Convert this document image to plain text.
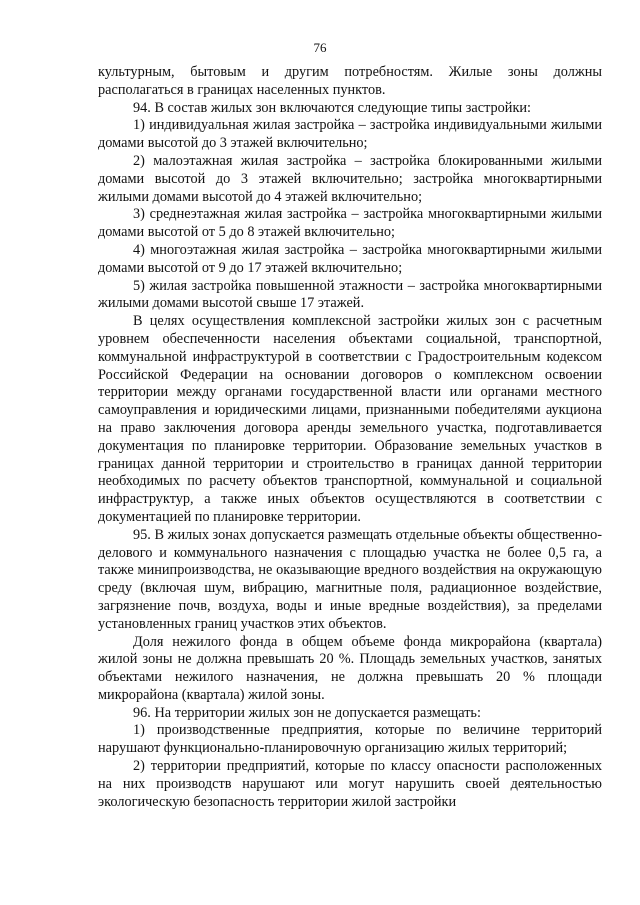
76

культурным, бытовым и другим потребностям. Жилые зоны должны располагаться в границах населенных пунктов.

94. В состав жилых зон включаются следующие типы застройки:

1) индивидуальная жилая застройка – застройка индивидуальными жилыми домами высотой до 3 этажей включительно;

2) малоэтажная жилая застройка – застройка блокированными жилыми домами высотой до 3 этажей включительно; застройка многоквартирными жилыми домами высотой до 4 этажей включительно;

3) среднеэтажная жилая застройка – застройка многоквартирными жилыми домами высотой от 5 до 8 этажей включительно;

4) многоэтажная жилая застройка – застройка многоквартирными жилыми домами высотой от 9 до 17 этажей включительно;

5) жилая застройка повышенной этажности – застройка многоквартирными жилыми домами высотой свыше 17 этажей.

В целях осуществления комплексной застройки жилых зон с расчетным уровнем обеспеченности населения объектами социальной, транспортной, коммунальной инфраструктурой в соответствии с Градостроительным кодексом Российской Федерации на основании договоров о комплексном освоении территории между органами государственной власти или органами местного самоуправления и юридическими лицами, признанными победителями аукциона на право заключения договора аренды земельного участка, подготавливается документация по планировке территории. Образование земельных участков в границах данной территории и строительство в границах данной территории необходимых по расчету объектов транспортной, коммунальной и социальной инфраструктур, а также иных объектов осуществляются в соответствии с документацией по планировке территории.

95. В жилых зонах допускается размещать отдельные объекты общественно-делового и коммунального назначения с площадью участка не более 0,5 га, а также минипроизводства, не оказывающие вредного воздействия на окружающую среду (включая шум, вибрацию, магнитные поля, радиационное воздействие, загрязнение почв, воздуха, воды и иные вредные воздействия), за пределами установленных границ участков этих объектов.

Доля нежилого фонда в общем объеме фонда микрорайона (квартала) жилой зоны не должна превышать 20 %. Площадь земельных участков, занятых объектами нежилого назначения, не должна превышать 20 % площади микрорайона (квартала) жилой зоны.

96. На территории жилых зон не допускается размещать:

1) производственные предприятия, которые по величине территорий нарушают функционально-планировочную организацию жилых территорий;

2) территории предприятий, которые по классу опасности расположенных на них производств нарушают или могут нарушить своей деятельностью экологическую безопасность территории жилой застройки
